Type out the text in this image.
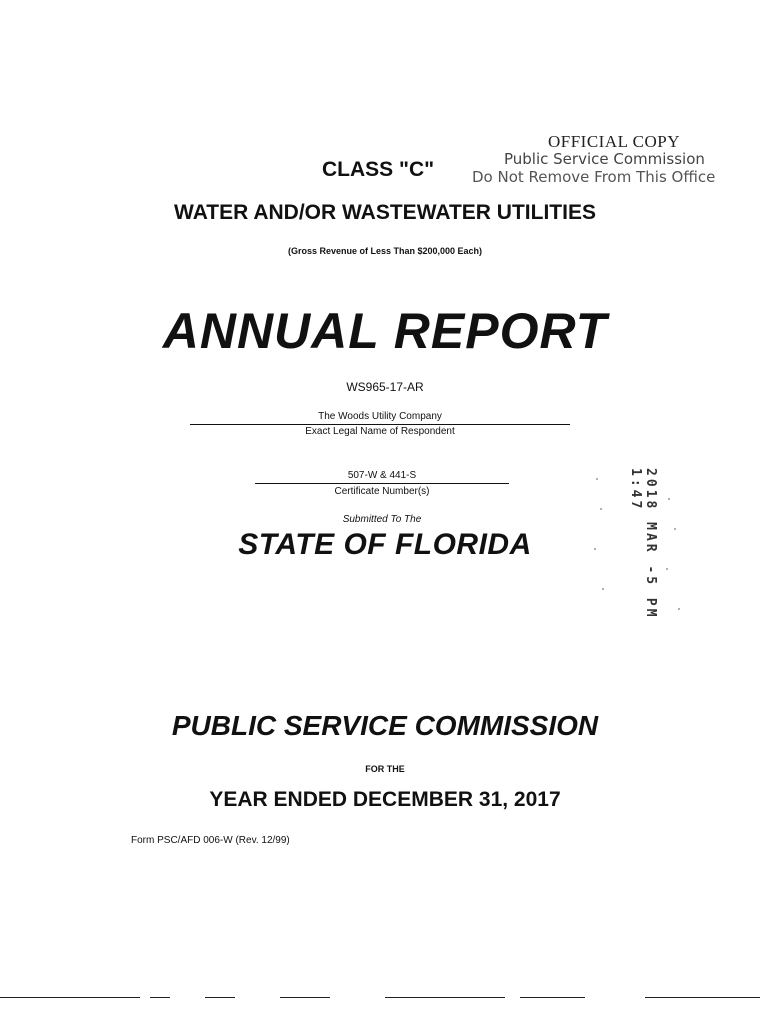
OFFICIAL COPY
Public Service Commission
Do Not Remove From This Office
CLASS "C"
WATER AND/OR WASTEWATER UTILITIES
(Gross Revenue of Less Than $200,000 Each)
ANNUAL REPORT
WS965-17-AR
The Woods Utility Company
Exact Legal Name of Respondent
507-W & 441-S
Certificate Number(s)
Submitted To The
STATE OF FLORIDA	2018 MAR -5 PM 1:47
PUBLIC SERVICE COMMISSION
FOR THE
YEAR ENDED DECEMBER 31, 2017
Form PSC/AFD 006-W (Rev. 12/99)
